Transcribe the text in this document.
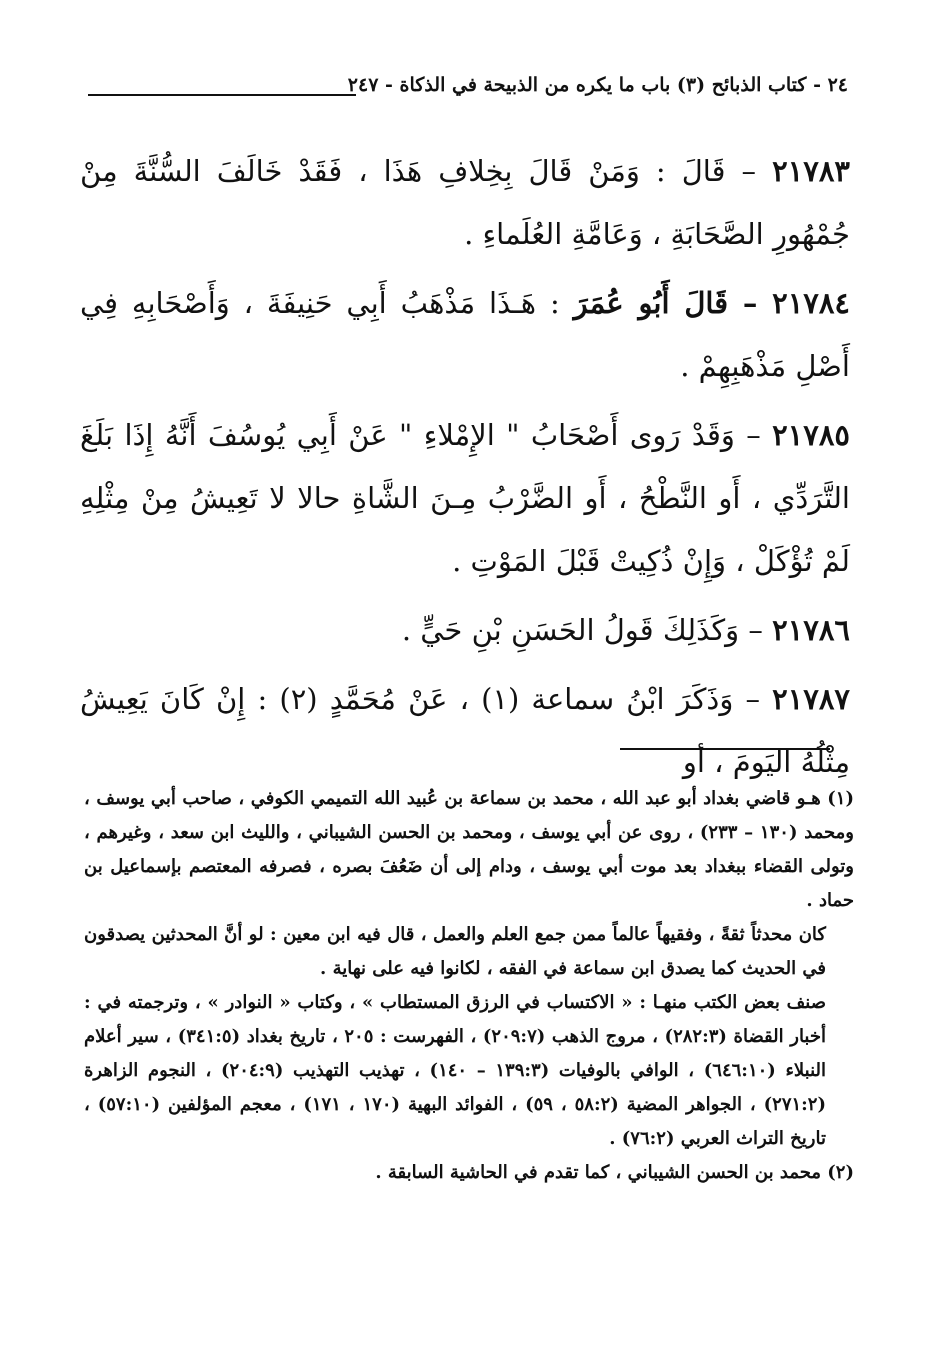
٢٤ - كتاب الذبائح (٣) باب ما يكره من الذبيحة في الذكاة - ٢٤٧

٢١٧٨٣ – قَالَ : وَمَنْ قَالَ بِخِلافِ هَذَا ، فَقَدْ خَالَفَ السُّنَّةَ مِنْ جُمْهُورِ الصَّحَابَةِ ، وَعَامَّةِ العُلَماءِ .

٢١٧٨٤ – قَالَ أَبُو عُمَرَ : هَـذَا مَذْهَبُ أَبِي حَنِيفَةَ ، وَأَصْحَابِهِ فِي أَصْلِ مَذْهَبِهِمْ .

٢١٧٨٥ – وَقَدْ رَوى أَصْحَابُ " الإِمْلاءِ " عَنْ أَبِي يُوسُفَ أَنَّهُ إِذَا بَلَغَ التَّرَدِّي ، أَو النَّطْحُ ، أَو الضَّرْبُ مِـنَ الشَّاةِ حالا لا تَعِيشُ مِنْ مِثْلِهِ لَمْ تُؤْكَلْ ، وَإِنْ ذُكِيتْ قَبْلَ المَوْتِ .

٢١٧٨٦ – وَكَذَلِكَ قَولُ الحَسَنِ بْنِ حَيٍّ .

٢١٧٨٧ – وَذَكَرَ ابْنُ سماعة (١) ، عَنْ مُحَمَّدٍ (٢) : إِنْ كَانَ يَعِيشُ مِثْلُهُ اليَومَ ، أو

(١) هـو قاضي بغداد أبو عبد الله ، محمد بن سماعة بن عُبيد الله التميمي الكوفي ، صاحب أبي يوسف ، ومحمد (١٣٠ – ٢٣٣) ، روى عن أبي يوسف ، ومحمد بن الحسن الشيباني ، والليث ابن سعد ، وغيرهم ، وتولى القضاء ببغداد بعد موت أبي يوسف ، ودام إلى أن ضَعُفَ بصره ، فصرفه المعتصم بإسماعيل بن حماد .

كان محدثاً ثقةً ، وفقيهاً عالماً ممن جمع العلم والعمل ، قال فيه ابن معين : لو أنَّ المحدثين يصدقون في الحديث كما يصدق ابن سماعة في الفقه ، لكانوا فيه على نهاية .

صنف بعض الكتب منهـا : « الاكتساب في الرزق المستطاب » ، وكتاب « النوادر » ، وترجمته في : أخبار القضاة (٢٨٢:٣) ، مروج الذهب (٢٠٩:٧) ، الفهرست : ٢٠٥ ، تاريخ بغداد (٣٤١:٥) ، سير أعلام النبلاء (٦٤٦:١٠) ، الوافي بالوفيات (١٣٩:٣ – ١٤٠) ، تهذيب التهذيب (٢٠٤:٩) ، النجوم الزاهرة (٢٧١:٢) ، الجواهر المضية (٥٨:٢ ، ٥٩) ، الفوائد البهية (١٧٠ ، ١٧١) ، معجم المؤلفين (٥٧:١٠) ، تاريخ التراث العربي (٧٦:٢) .

(٢) محمد بن الحسن الشيباني ، كما تقدم في الحاشية السابقة .
